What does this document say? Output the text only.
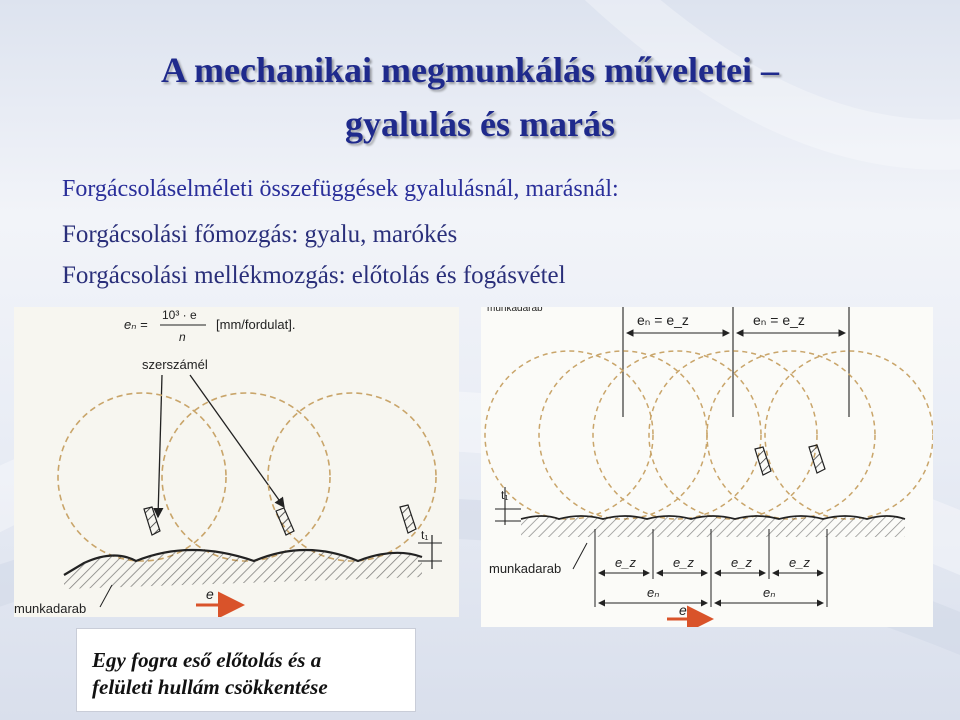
A mechanikai megmunkálás műveletei –
gyalulás és marás
Forgácsoláselméleti összefüggések gyalulásnál, marásnál:
Forgácsolási főmozgás: gyalu, marókés
Forgácsolási mellékmozgás: előtolás és fogásvétel
eₙ =
10³ · e
n
[mm/fordulat].
szerszámél
t₁
e
munkadarab
munkadarab
eₙ = e_z	eₙ = e_z
t₁
e_z	e_z	e_z	e_z
eₙ	eₙ
munkadarab
e
Egy fogra eső előtolás és a
felületi hullám csökkentése
